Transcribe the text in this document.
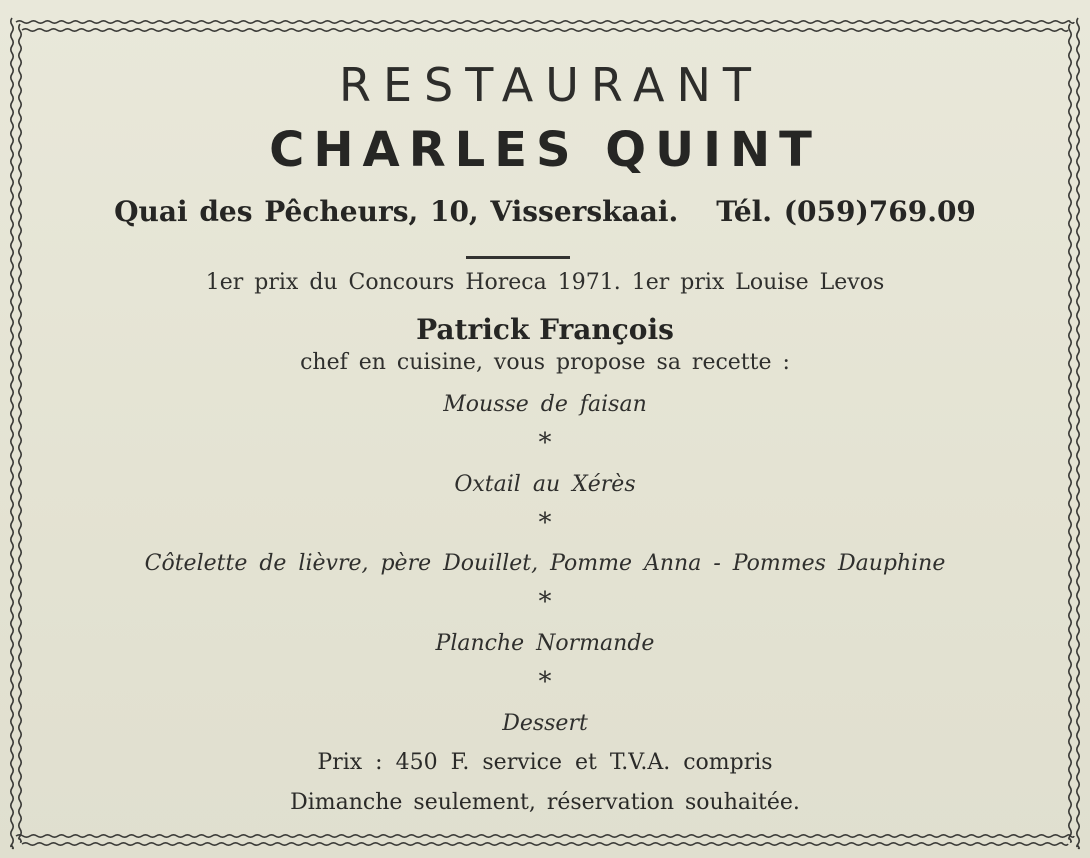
RESTAURANT
CHARLES QUINT
Quai des Pêcheurs, 10, Visserskaai. Tél. (059)769.09
1er prix du Concours Horeca 1971. 1er prix Louise Levos
Patrick François
chef en cuisine, vous propose sa recette :
Mousse de faisan
*
Oxtail au Xérès
*
Côtelette de lièvre, père Douillet, Pomme Anna - Pommes Dauphine
*
Planche Normande
*
Dessert
Prix : 450 F. service et T.V.A. compris
Dimanche seulement, réservation souhaitée.
